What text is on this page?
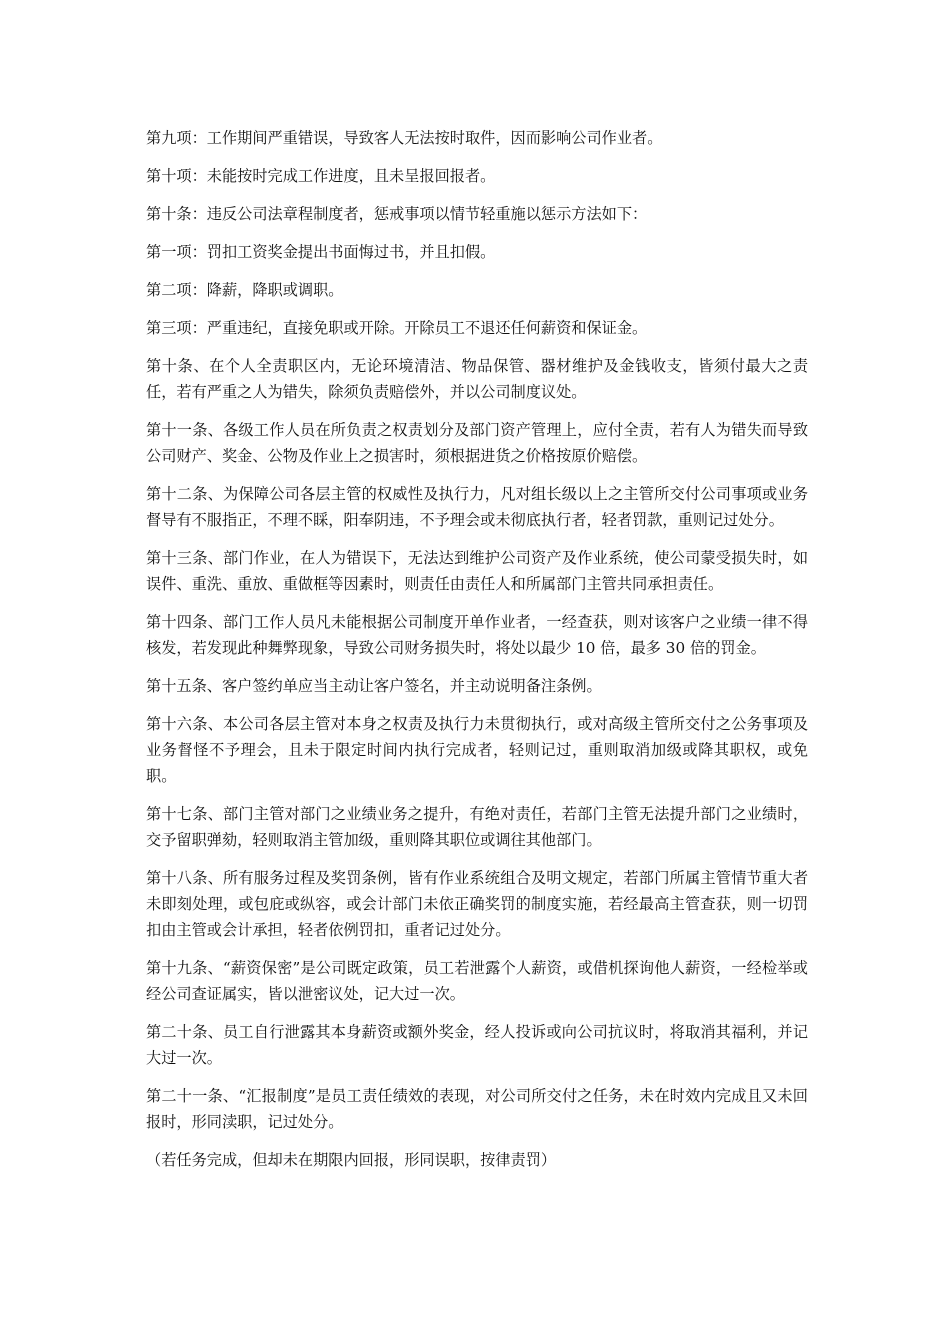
第九项：工作期间严重错误，导致客人无法按时取件，因而影响公司作业者。

第十项：未能按时完成工作进度，且未呈报回报者。

第十条：违反公司法章程制度者，惩戒事项以情节轻重施以惩示方法如下：

第一项：罚扣工资奖金提出书面悔过书，并且扣假。

第二项：降薪，降职或调职。

第三项：严重违纪，直接免职或开除。开除员工不退还任何薪资和保证金。

第十条、在个人全责职区内，无论环境清洁、物品保管、器材维护及金钱收支，皆须付最大之责任，若有严重之人为错失，除须负责赔偿外，并以公司制度议处。

第十一条、各级工作人员在所负责之权责划分及部门资产管理上，应付全责，若有人为错失而导致公司财产、奖金、公物及作业上之损害时，须根据进货之价格按原价赔偿。

第十二条、为保障公司各层主管的权威性及执行力，凡对组长级以上之主管所交付公司事项或业务督导有不服指正，不理不睬，阳奉阴违，不予理会或未彻底执行者，轻者罚款，重则记过处分。

第十三条、部门作业，在人为错误下，无法达到维护公司资产及作业系统，使公司蒙受损失时，如误件、重洗、重放、重做框等因素时，则责任由责任人和所属部门主管共同承担责任。

第十四条、部门工作人员凡未能根据公司制度开单作业者，一经查获，则对该客户之业绩一律不得核发，若发现此种舞弊现象，导致公司财务损失时，将处以最少 10 倍，最多 30 倍的罚金。

第十五条、客户签约单应当主动让客户签名，并主动说明备注条例。

第十六条、本公司各层主管对本身之权责及执行力未贯彻执行，或对高级主管所交付之公务事项及业务督怪不予理会，且未于限定时间内执行完成者，轻则记过，重则取消加级或降其职权，或免职。

第十七条、部门主管对部门之业绩业务之提升，有绝对责任，若部门主管无法提升部门之业绩时，交予留职弹劾，轻则取消主管加级，重则降其职位或调往其他部门。

第十八条、所有服务过程及奖罚条例，皆有作业系统组合及明文规定，若部门所属主管情节重大者未即刻处理，或包庇或纵容，或会计部门未依正确奖罚的制度实施，若经最高主管查获，则一切罚扣由主管或会计承担，轻者依例罚扣，重者记过处分。

第十九条、“薪资保密”是公司既定政策，员工若泄露个人薪资，或借机探询他人薪资，一经检举或经公司查证属实，皆以泄密议处，记大过一次。

第二十条、员工自行泄露其本身薪资或额外奖金，经人投诉或向公司抗议时，将取消其福利，并记大过一次。

第二十一条、“汇报制度”是员工责任绩效的表现，对公司所交付之任务，未在时效内完成且又未回报时，形同渎职，记过处分。

（若任务完成，但却未在期限内回报，形同误职，按律责罚）
